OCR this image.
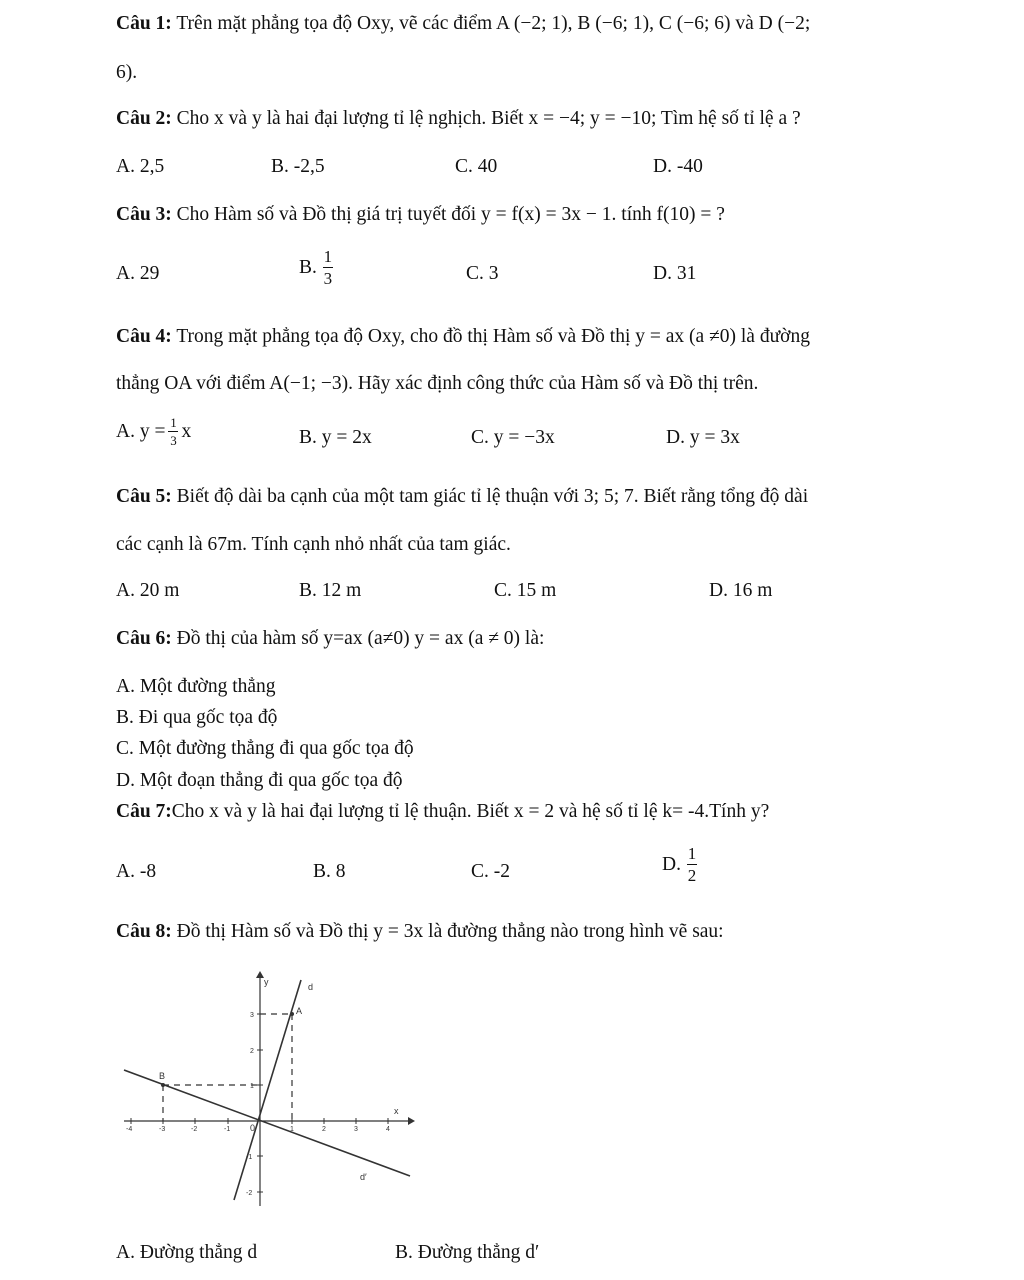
Câu 1: Trên mặt phẳng tọa độ Oxy, vẽ các điểm A (−2; 1), B (−6; 1), C (−6; 6) và D (−2;
6).
Câu 2: Cho x và y là hai đại lượng tỉ lệ nghịch. Biết x = −4; y = −10; Tìm hệ số tỉ lệ a ?
A. 2,5	B. -2,5	C. 40	D. -40
Câu 3: Cho Hàm số và Đồ thị giá trị tuyết đối y = f(x) = 3x − 1. tính f(10) = ?
A. 29	B. $\frac{1}{3}$	C. 3	D. 31
Câu 4: Trong mặt phẳng tọa độ Oxy, cho đồ thị Hàm số và Đồ thị y = ax (a ≠0) là đường
thẳng OA với điểm A(−1; −3). Hãy xác định công thức của Hàm số và Đồ thị trên.
A. $y = \frac{1}{3}$ x	B. y = 2x	C. y = −3x	D. y = 3x
Câu 5: Biết độ dài ba cạnh của một tam giác tỉ lệ thuận với 3; 5; 7. Biết rằng tổng độ dài
các cạnh là 67m. Tính cạnh nhỏ nhất của tam giác.
A. 20 m	B. 12 m	C. 15 m	D. 16 m
Câu 6: Đồ thị của hàm số y=ax (a≠0) y = ax (a ≠ 0) là:
A. Một đường thẳng
B. Đi qua gốc tọa độ
C. Một đường thẳng đi qua gốc tọa độ
D. Một đoạn thẳng đi qua gốc tọa độ
Câu 7:Cho x và y là hai đại lượng tỉ lệ thuận. Biết x = 2 và hệ số tỉ lệ k= -4.Tính y?
A. -8	B. 8	C. -2	D. $\frac{1}{2}$
Câu 8: Đồ thị Hàm số và Đồ thị y = 3x là đường thẳng nào trong hình vẽ sau:
y
x
d
d′
A
B
0
-4	-3	-2	-1	1	2	3	4
3
2
1
-1
-2
A. Đường thẳng d	B. Đường thẳng d′
